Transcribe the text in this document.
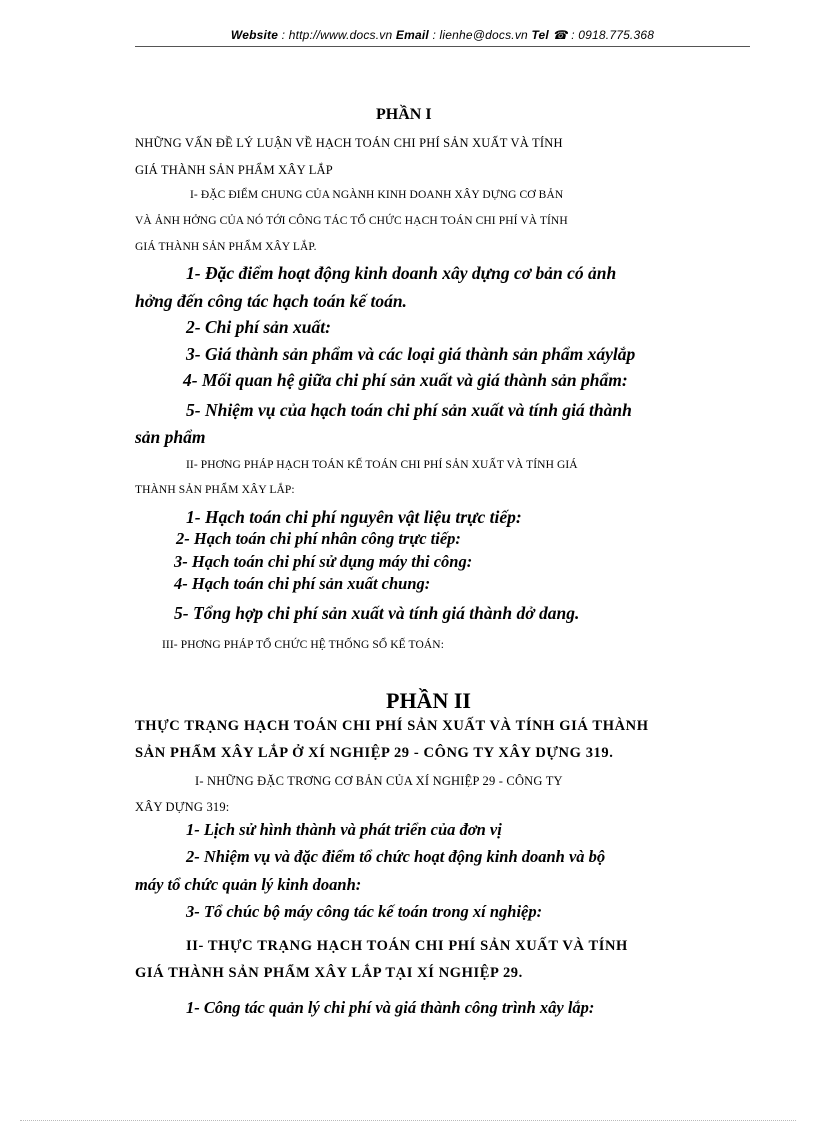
Website : http://www.docs.vn Email : lienhe@docs.vn Tel ☎ : 0918.775.368
PHẦN I
NHỮNG VẤN ĐỀ LÝ LUẬN VỀ HẠCH TOÁN CHI PHÍ SẢN XUẤT VÀ TÍNH
GIÁ THÀNH SẢN PHẨM XÂY LẮP
I- ĐẶC ĐIỂM CHUNG CỦA NGÀNH KINH DOANH XÂY DỰNG CƠ BẢN
VÀ ẢNH HỞNG CỦA NÓ TỚI CÔNG TÁC TỔ CHỨC HẠCH TOÁN CHI PHÍ VÀ TÍNH
GIÁ THÀNH SẢN PHẨM XÂY LẮP.
1- Đặc điểm hoạt động kinh doanh xây dựng cơ bản có ảnh
hởng đến công tác hạch toán kế toán.
2- Chi phí sản xuất:
3- Giá thành sản phẩm và các loại giá thành sản phẩm xáylắp
4- Mối quan hệ giữa chi phí sản xuất và giá thành sản phẩm:
5- Nhiệm vụ của hạch toán chi phí sản xuất và tính giá thành
sản phẩm
II- PHƠNG PHÁP HẠCH TOÁN KẾ TOÁN CHI PHÍ SẢN XUẤT VÀ TÍNH GIÁ
THÀNH SẢN PHẨM XÂY LẮP:
1- Hạch toán chi phí nguyên vật liệu trực tiếp:
2- Hạch toán chi phí nhân công trực tiếp:
3- Hạch toán chi phí sử dụng máy thi công:
4- Hạch toán chi phí sản xuất chung:
5- Tổng hợp chi phí sản xuất và tính giá thành dở dang.
III- PHƠNG PHÁP TỔ CHỨC HỆ THỐNG SỔ KẾ TOÁN:
PHẦN II
THỰC TRẠNG HẠCH TOÁN CHI PHÍ SẢN XUẤT VÀ TÍNH GIÁ THÀNH
SẢN PHẨM XÂY LẮP Ở XÍ NGHIỆP 29 - CÔNG TY XÂY DỰNG 319.
I- NHỮNG ĐẶC TRƠNG CƠ BẢN CỦA XÍ NGHIỆP 29 - CÔNG TY
XÂY DỰNG 319:
1- Lịch sử hình thành và phát triển của đơn vị
2- Nhiệm vụ và đặc điểm tổ chức hoạt động kinh doanh và bộ
máy tổ chức quản lý kinh doanh:
3- Tổ chúc bộ máy công tác kế toán trong xí nghiệp:
II- THỰC TRẠNG HẠCH TOÁN CHI PHÍ SẢN XUẤT VÀ TÍNH
GIÁ THÀNH SẢN PHẨM XÂY LẮP TẠI XÍ NGHIỆP 29.
1- Công tác quản lý chi phí và giá thành công trình xây lắp:
